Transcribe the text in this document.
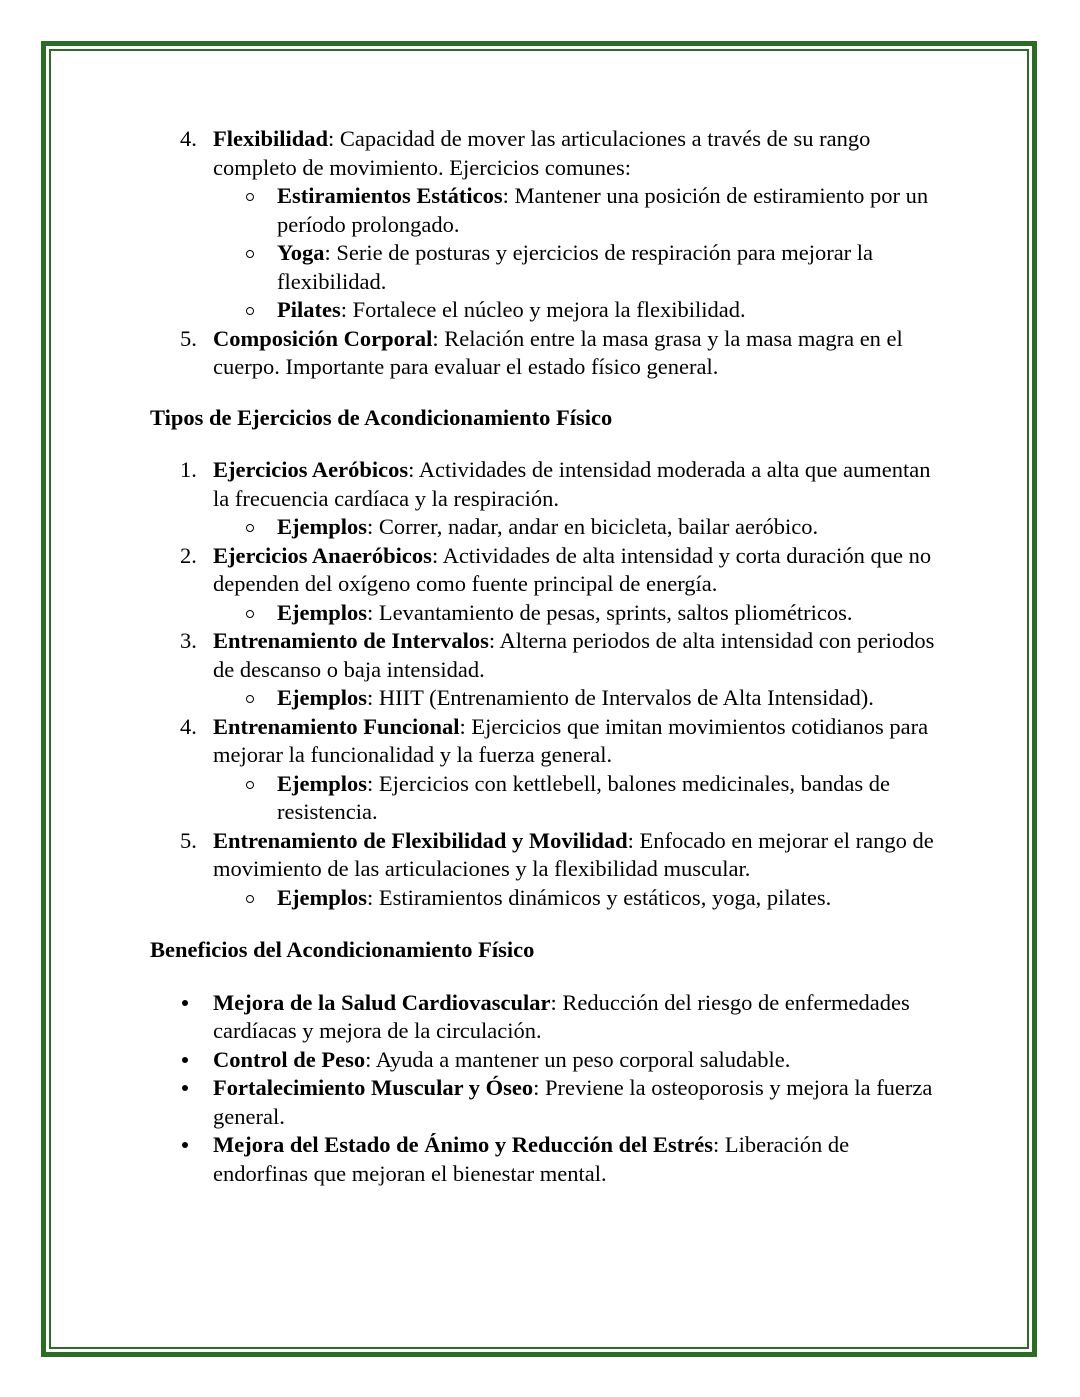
4. Flexibilidad: Capacidad de mover las articulaciones a través de su rango completo de movimiento. Ejercicios comunes:
Estiramientos Estáticos: Mantener una posición de estiramiento por un período prolongado.
Yoga: Serie de posturas y ejercicios de respiración para mejorar la flexibilidad.
Pilates: Fortalece el núcleo y mejora la flexibilidad.
5. Composición Corporal: Relación entre la masa grasa y la masa magra en el cuerpo. Importante para evaluar el estado físico general.

Tipos de Ejercicios de Acondicionamiento Físico

1. Ejercicios Aeróbicos: Actividades de intensidad moderada a alta que aumentan la frecuencia cardíaca y la respiración.
Ejemplos: Correr, nadar, andar en bicicleta, bailar aeróbico.
2. Ejercicios Anaeróbicos: Actividades de alta intensidad y corta duración que no dependen del oxígeno como fuente principal de energía.
Ejemplos: Levantamiento de pesas, sprints, saltos pliométricos.
3. Entrenamiento de Intervalos: Alterna periodos de alta intensidad con periodos de descanso o baja intensidad.
Ejemplos: HIIT (Entrenamiento de Intervalos de Alta Intensidad).
4. Entrenamiento Funcional: Ejercicios que imitan movimientos cotidianos para mejorar la funcionalidad y la fuerza general.
Ejemplos: Ejercicios con kettlebell, balones medicinales, bandas de resistencia.
5. Entrenamiento de Flexibilidad y Movilidad: Enfocado en mejorar el rango de movimiento de las articulaciones y la flexibilidad muscular.
Ejemplos: Estiramientos dinámicos y estáticos, yoga, pilates.

Beneficios del Acondicionamiento Físico

Mejora de la Salud Cardiovascular: Reducción del riesgo de enfermedades cardíacas y mejora de la circulación.
Control de Peso: Ayuda a mantener un peso corporal saludable.
Fortalecimiento Muscular y Óseo: Previene la osteoporosis y mejora la fuerza general.
Mejora del Estado de Ánimo y Reducción del Estrés: Liberación de endorfinas que mejoran el bienestar mental.
